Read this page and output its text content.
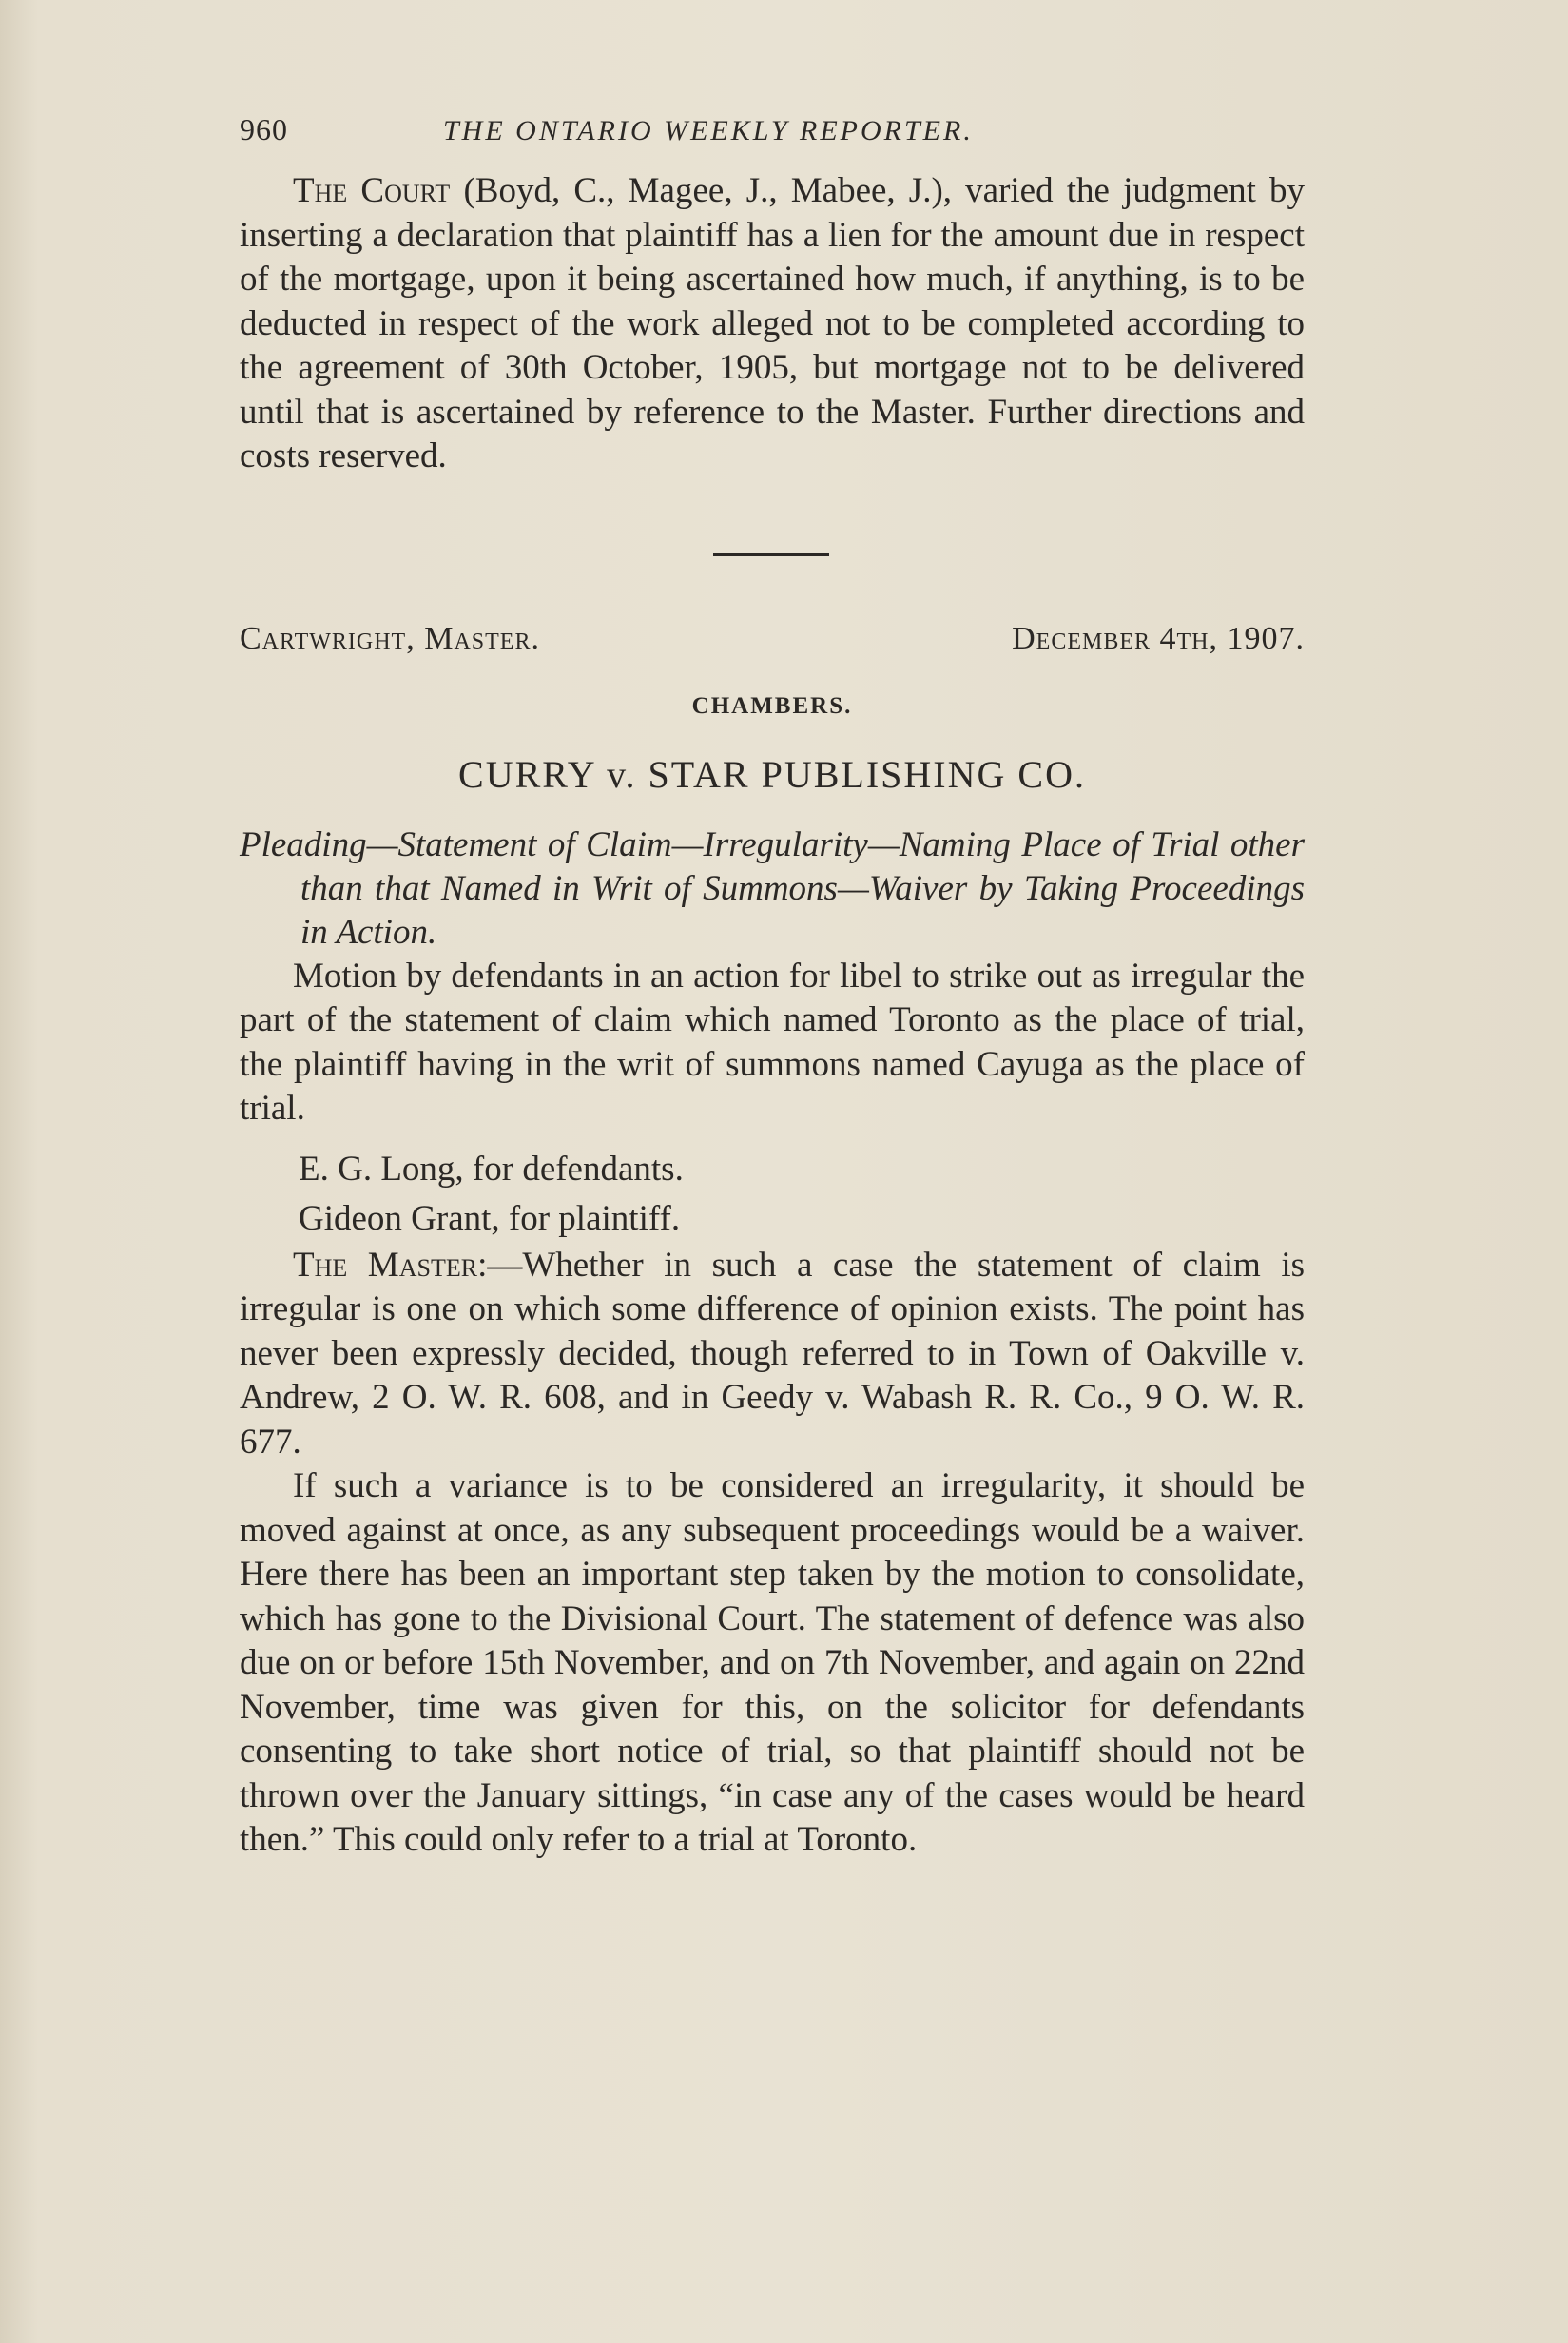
960	THE ONTARIO WEEKLY REPORTER.

The Court (Boyd, C., Magee, J., Mabee, J.), varied the judgment by inserting a declaration that plaintiff has a lien for the amount due in respect of the mortgage, upon it being ascertained how much, if anything, is to be deducted in respect of the work alleged not to be completed according to the agreement of 30th October, 1905, but mortgage not to be delivered until that is ascertained by reference to the Master. Further directions and costs reserved.

Cartwright, Master.	December 4th, 1907.
CHAMBERS.
CURRY v. STAR PUBLISHING CO.
Pleading—Statement of Claim—Irregularity—Naming Place of Trial other than that Named in Writ of Summons—Waiver by Taking Proceedings in Action.

Motion by defendants in an action for libel to strike out as irregular the part of the statement of claim which named Toronto as the place of trial, the plaintiff having in the writ of summons named Cayuga as the place of trial.

E. G. Long, for defendants.
Gideon Grant, for plaintiff.

The Master:—Whether in such a case the statement of claim is irregular is one on which some difference of opinion exists. The point has never been expressly decided, though referred to in Town of Oakville v. Andrew, 2 O. W. R. 608, and in Geedy v. Wabash R. R. Co., 9 O. W. R. 677.

If such a variance is to be considered an irregularity, it should be moved against at once, as any subsequent proceedings would be a waiver. Here there has been an important step taken by the motion to consolidate, which has gone to the Divisional Court. The statement of defence was also due on or before 15th November, and on 7th November, and again on 22nd November, time was given for this, on the solicitor for defendants consenting to take short notice of trial, so that plaintiff should not be thrown over the January sittings, “in case any of the cases would be heard then.” This could only refer to a trial at Toronto.
